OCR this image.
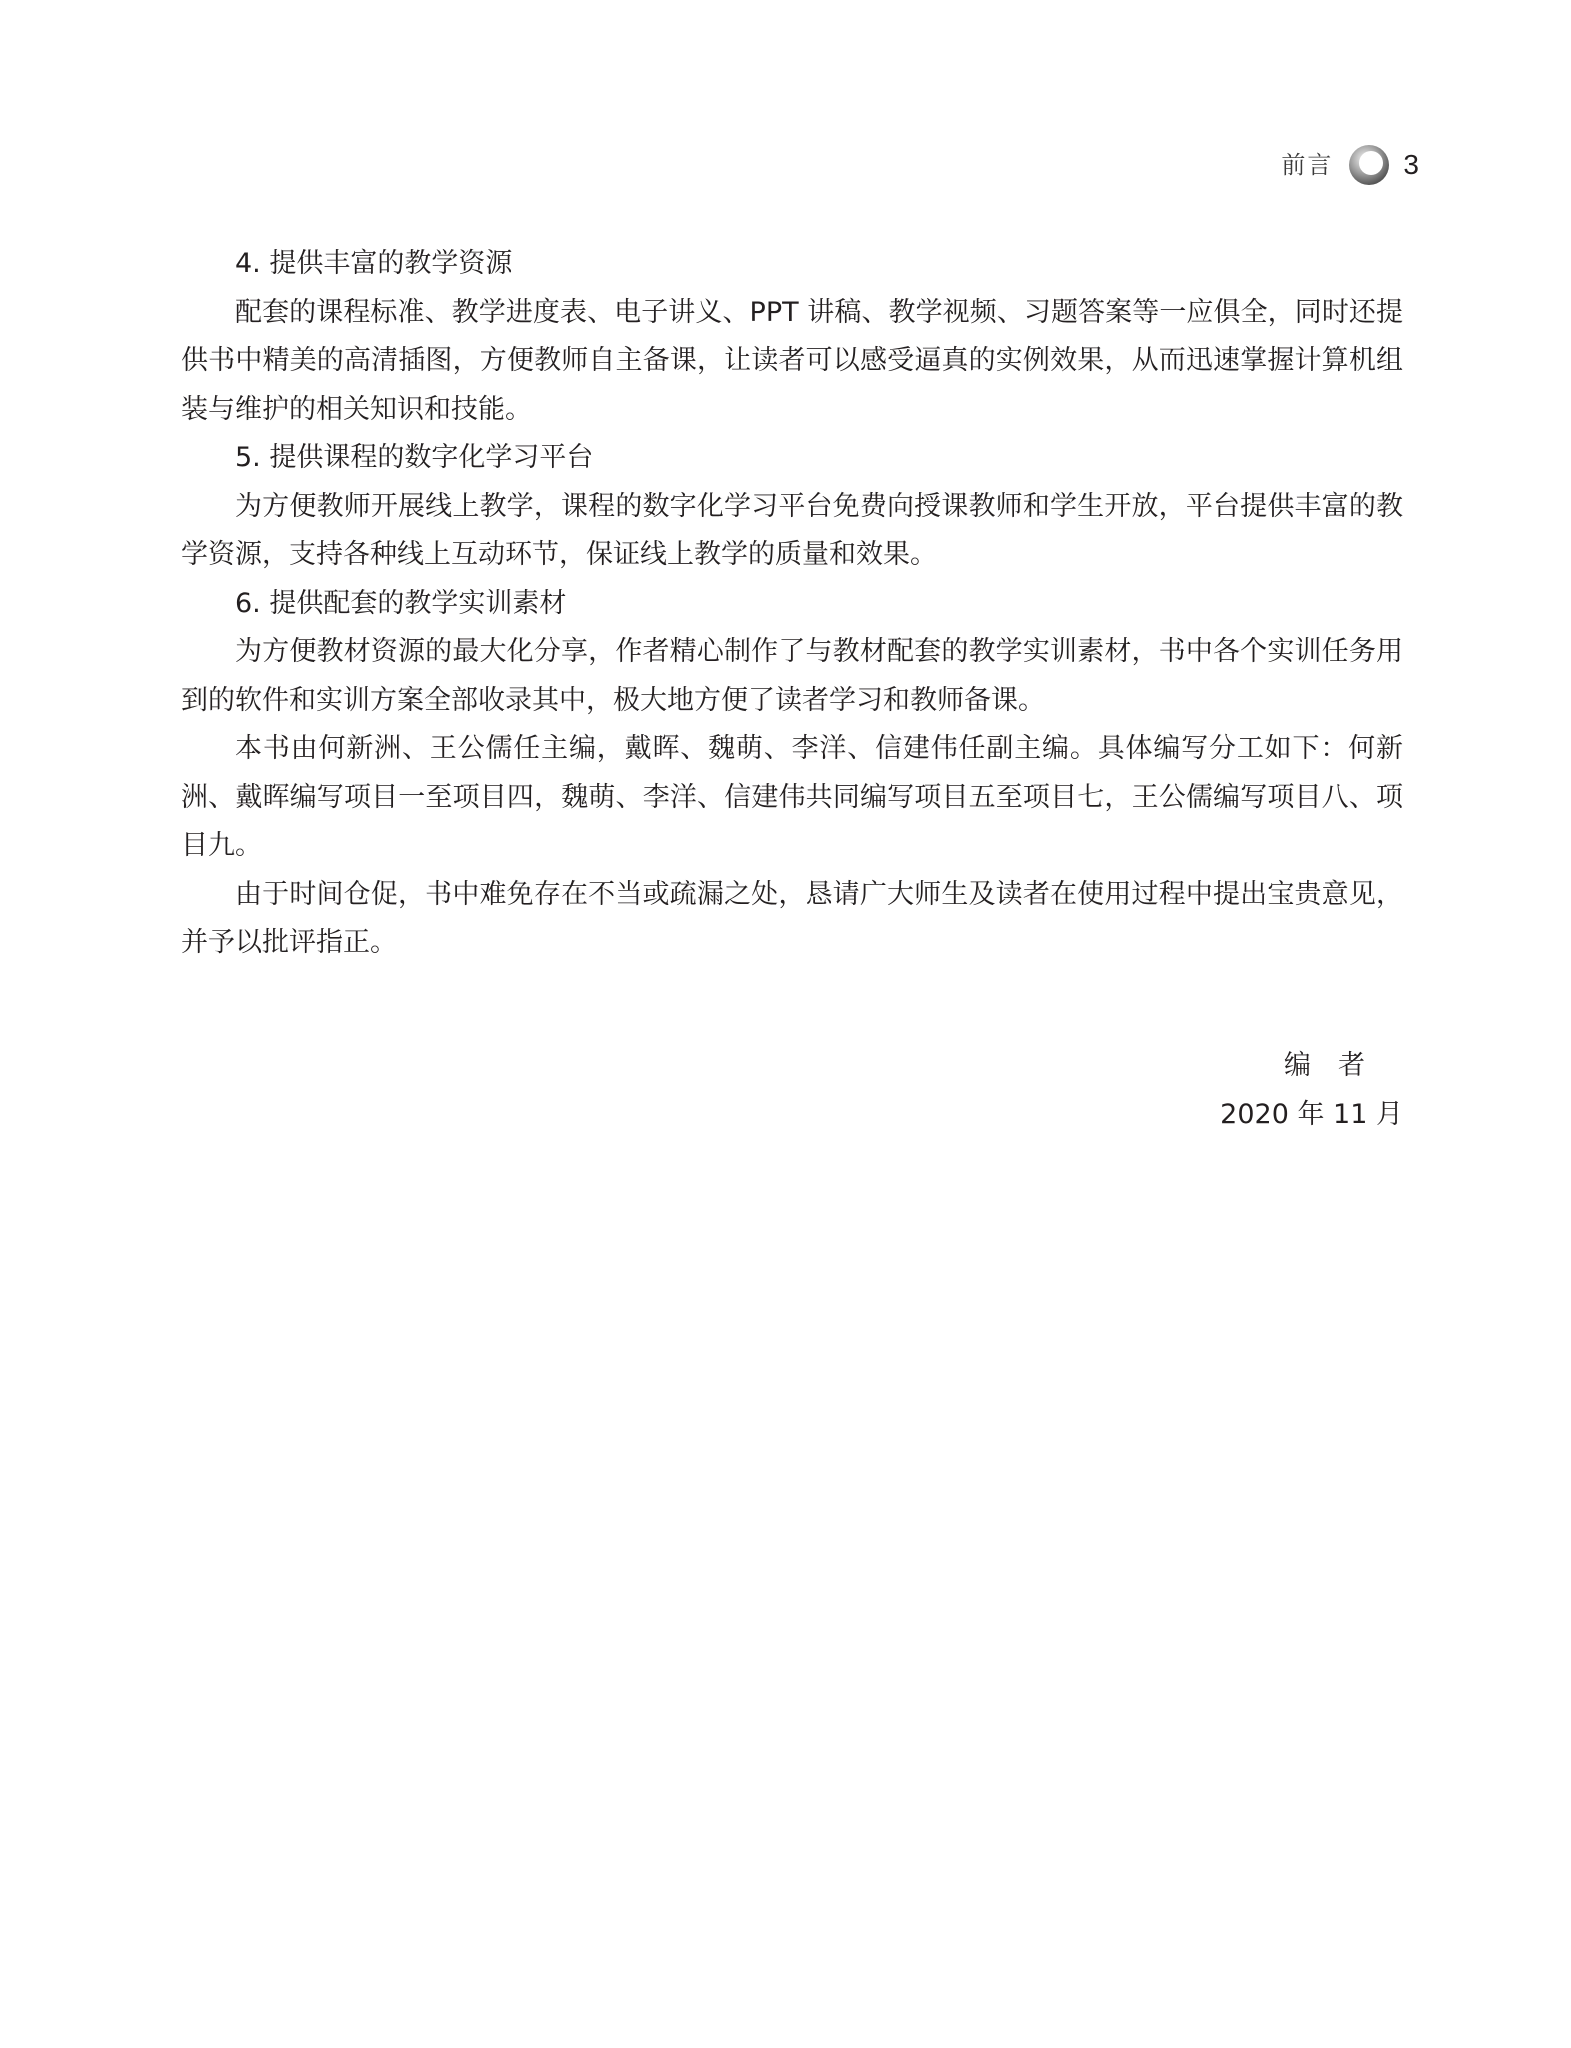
前言	3

4. 提供丰富的教学资源

配套的课程标准、教学进度表、电子讲义、PPT 讲稿、教学视频、习题答案等一应俱全，同时还提供书中精美的高清插图，方便教师自主备课，让读者可以感受逼真的实例效果，从而迅速掌握计算机组装与维护的相关知识和技能。

5. 提供课程的数字化学习平台

为方便教师开展线上教学，课程的数字化学习平台免费向授课教师和学生开放，平台提供丰富的教学资源，支持各种线上互动环节，保证线上教学的质量和效果。

6. 提供配套的教学实训素材

为方便教材资源的最大化分享，作者精心制作了与教材配套的教学实训素材，书中各个实训任务用到的软件和实训方案全部收录其中，极大地方便了读者学习和教师备课。

本书由何新洲、王公儒任主编，戴晖、魏萌、李洋、信建伟任副主编。具体编写分工如下：何新洲、戴晖编写项目一至项目四，魏萌、李洋、信建伟共同编写项目五至项目七，王公儒编写项目八、项目九。

由于时间仓促，书中难免存在不当或疏漏之处，恳请广大师生及读者在使用过程中提出宝贵意见，并予以批评指正。

编　者
2020 年 11 月
